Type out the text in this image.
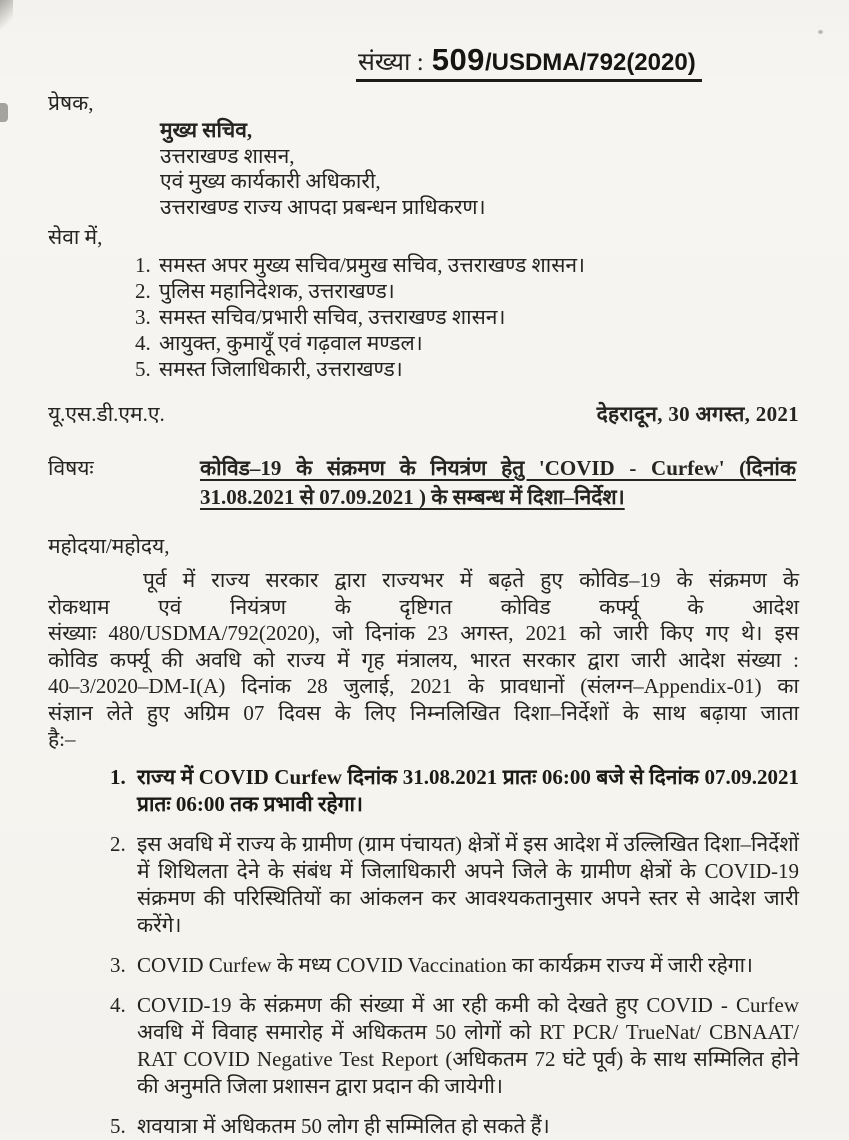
संख्या : 509/USDMA/792(2020)
प्रेषक,
मुख्य सचिव,
उत्तराखण्ड शासन,
एवं मुख्य कार्यकारी अधिकारी,
उत्तराखण्ड राज्य आपदा प्रबन्धन प्राधिकरण।
सेवा में,
1. समस्त अपर मुख्य सचिव/प्रमुख सचिव, उत्तराखण्ड शासन।
2. पुलिस महानिदेशक, उत्तराखण्ड।
3. समस्त सचिव/प्रभारी सचिव, उत्तराखण्ड शासन।
4. आयुक्त, कुमायूँ एवं गढ़वाल मण्डल।
5. समस्त जिलाधिकारी, उत्तराखण्ड।
यू.एस.डी.एम.ए.	देहरादून, 30 अगस्त, 2021
विषयः	कोविड–19 के संक्रमण के नियत्रंण हेतु 'COVID - Curfew' (दिनांक
31.08.2021 से 07.09.2021 ) के सम्बन्ध में दिशा–निर्देश।
महोदया/महोदय,
पूर्व में राज्य सरकार द्वारा राज्यभर में बढ़ते हुए कोविड–19 के संक्रमण के
रोकथाम एवं नियंत्रण के दृष्टिगत कोविड कर्फ्यू के आदेश
संख्याः 480/USDMA/792(2020), जो दिनांक 23 अगस्त, 2021 को जारी किए गए थे। इस
कोविड कर्फ्यू की अवधि को राज्य में गृह मंत्रालय, भारत सरकार द्वारा जारी आदेश संख्या :
40–3/2020–DM-I(A) दिनांक 28 जुलाई, 2021 के प्रावधानों (संलग्न–Appendix-01) का
संज्ञान लेते हुए अग्रिम 07 दिवस के लिए निम्नलिखित दिशा–निर्देशों के साथ बढ़ाया जाता
है:–
1. राज्य में COVID Curfew दिनांक 31.08.2021 प्रातः 06:00 बजे से दिनांक 07.09.2021 प्रातः 06:00 तक प्रभावी रहेगा।
2. इस अवधि में राज्य के ग्रामीण (ग्राम पंचायत) क्षेत्रों में इस आदेश में उल्लिखित दिशा–निर्देशों में शिथिलता देने के संबंध में जिलाधिकारी अपने जिले के ग्रामीण क्षेत्रों के COVID-19 संक्रमण की परिस्थितियों का आंकलन कर आवश्यकतानुसार अपने स्तर से आदेश जारी करेंगे।
3. COVID Curfew के मध्य COVID Vaccination का कार्यक्रम राज्य में जारी रहेगा।
4. COVID-19 के संक्रमण की संख्या में आ रही कमी को देखते हुए COVID - Curfew अवधि में विवाह समारोह में अधिकतम 50 लोगों को RT PCR/ TrueNat/ CBNAAT/ RAT COVID Negative Test Report (अधिकतम 72 घंटे पूर्व) के साथ सम्मिलित होने की अनुमति जिला प्रशासन द्वारा प्रदान की जायेगी।
5. शवयात्रा में अधिकतम 50 लोग ही सम्मिलित हो सकते हैं।
